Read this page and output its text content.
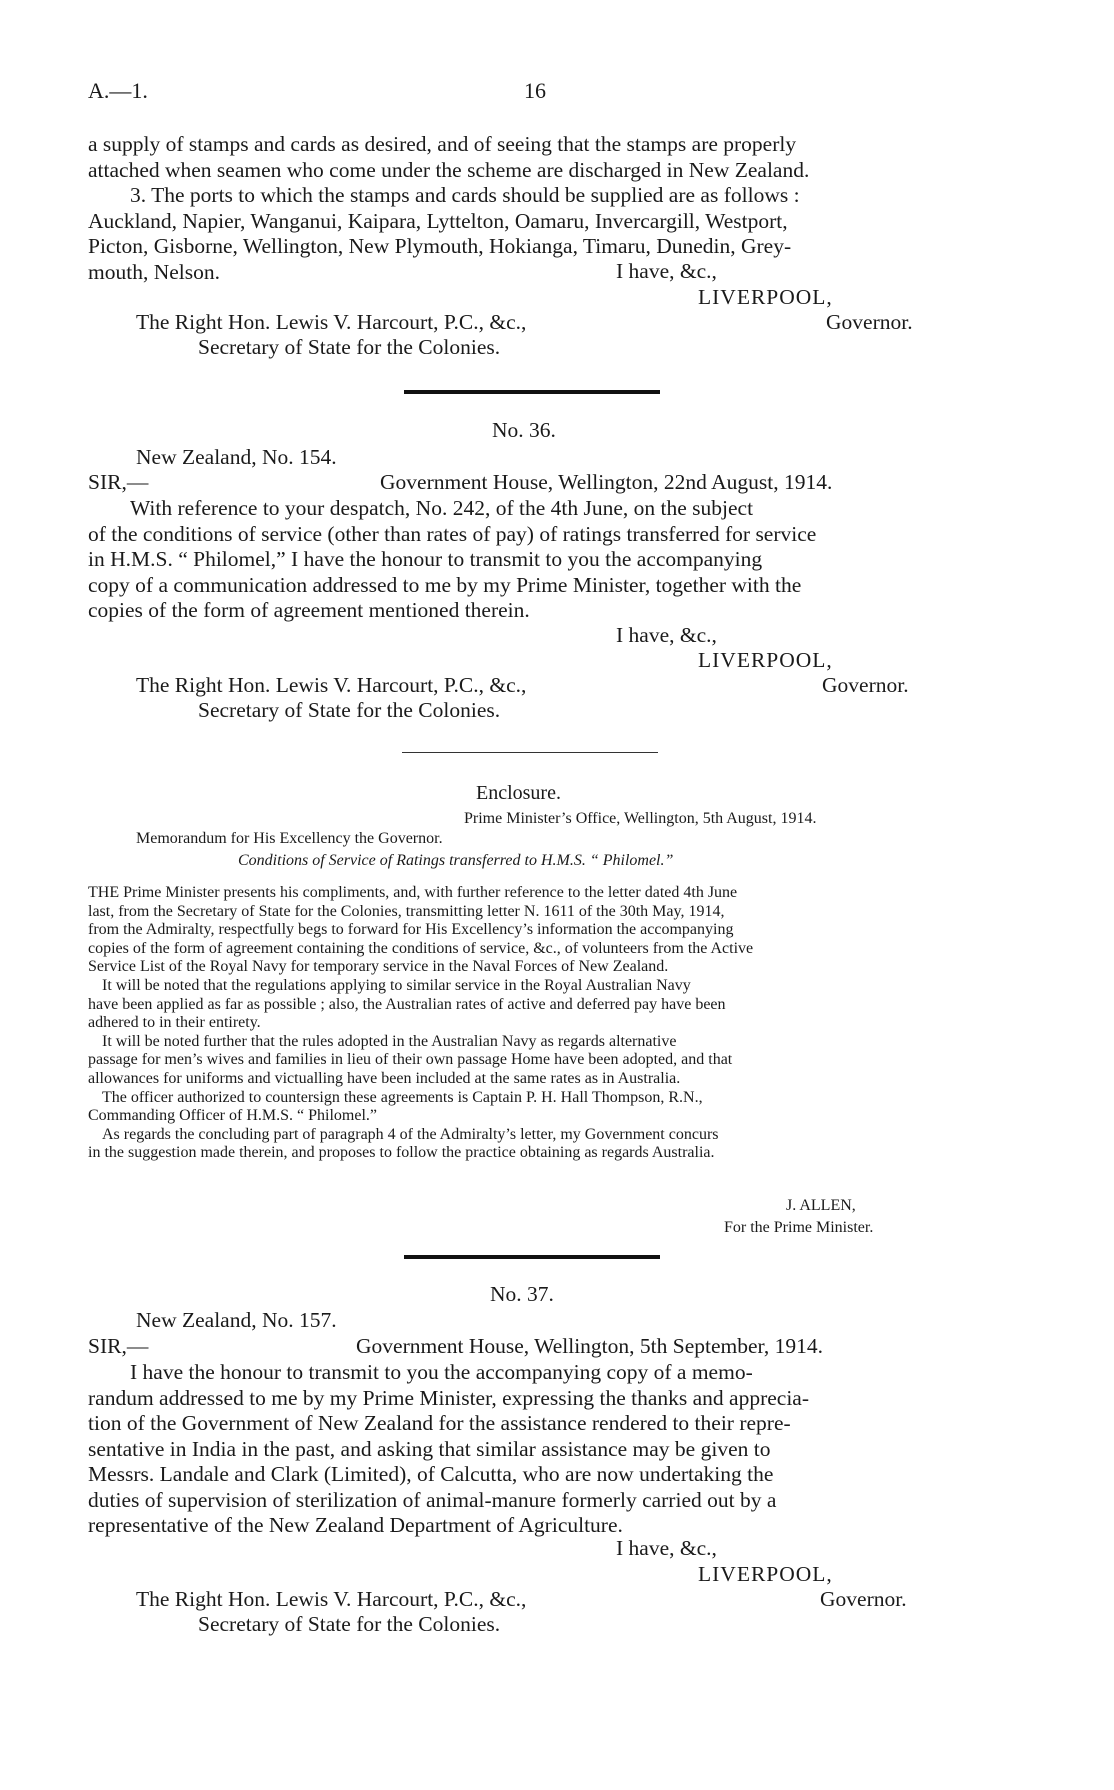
A.—1.	16

a supply of stamps and cards as desired, and of seeing that the stamps are properly

attached when seamen who come under the scheme are discharged in New Zealand.

3. The ports to which the stamps and cards should be supplied are as follows :

Auckland, Napier, Wanganui, Kaipara, Lyttelton, Oamaru, Invercargill, Westport,

Picton, Gisborne, Wellington, New Plymouth, Hokianga, Timaru, Dunedin, Grey-

mouth, Nelson.	I have, &c.,
LIVERPOOL,
The Right Hon. Lewis V. Harcourt, P.C., &c.,	Governor.
Secretary of State for the Colonies.
No. 36.
New Zealand, No. 154.
SIR,—	Government House, Wellington, 22nd August, 1914.

With reference to your despatch, No. 242, of the 4th June, on the subject

of the conditions of service (other than rates of pay) of ratings transferred for service

in H.M.S. “ Philomel,” I have the honour to transmit to you the accompanying

copy of a communication addressed to me by my Prime Minister, together with the

copies of the form of agreement mentioned therein.

I have, &c.,
LIVERPOOL,
The Right Hon. Lewis V. Harcourt, P.C., &c.,	Governor.
Secretary of State for the Colonies.
Enclosure.
Prime Minister’s Office, Wellington, 5th August, 1914.
Memorandum for His Excellency the Governor.
Conditions of Service of Ratings transferred to H.M.S. “ Philomel.”

THE Prime Minister presents his compliments, and, with further reference to the letter dated 4th June

last, from the Secretary of State for the Colonies, transmitting letter N. 1611 of the 30th May, 1914,

from the Admiralty, respectfully begs to forward for His Excellency’s information the accompanying

copies of the form of agreement containing the conditions of service, &c., of volunteers from the Active

Service List of the Royal Navy for temporary service in the Naval Forces of New Zealand.

It will be noted that the regulations applying to similar service in the Royal Australian Navy

have been applied as far as possible ; also, the Australian rates of active and deferred pay have been

adhered to in their entirety.

It will be noted further that the rules adopted in the Australian Navy as regards alternative

passage for men’s wives and families in lieu of their own passage Home have been adopted, and that

allowances for uniforms and victualling have been included at the same rates as in Australia.

The officer authorized to countersign these agreements is Captain P. H. Hall Thompson, R.N.,

Commanding Officer of H.M.S. “ Philomel.”

As regards the concluding part of paragraph 4 of the Admiralty’s letter, my Government concurs

in the suggestion made therein, and proposes to follow the practice obtaining as regards Australia.

J. ALLEN,
For the Prime Minister.
No. 37.
New Zealand, No. 157.
SIR,—	Government House, Wellington, 5th September, 1914.

I have the honour to transmit to you the accompanying copy of a memo-

randum addressed to me by my Prime Minister, expressing the thanks and apprecia-

tion of the Government of New Zealand for the assistance rendered to their repre-

sentative in India in the past, and asking that similar assistance may be given to

Messrs. Landale and Clark (Limited), of Calcutta, who are now undertaking the

duties of supervision of sterilization of animal-manure formerly carried out by a

representative of the New Zealand Department of Agriculture.

I have, &c.,
LIVERPOOL,
The Right Hon. Lewis V. Harcourt, P.C., &c.,	Governor.
Secretary of State for the Colonies.
